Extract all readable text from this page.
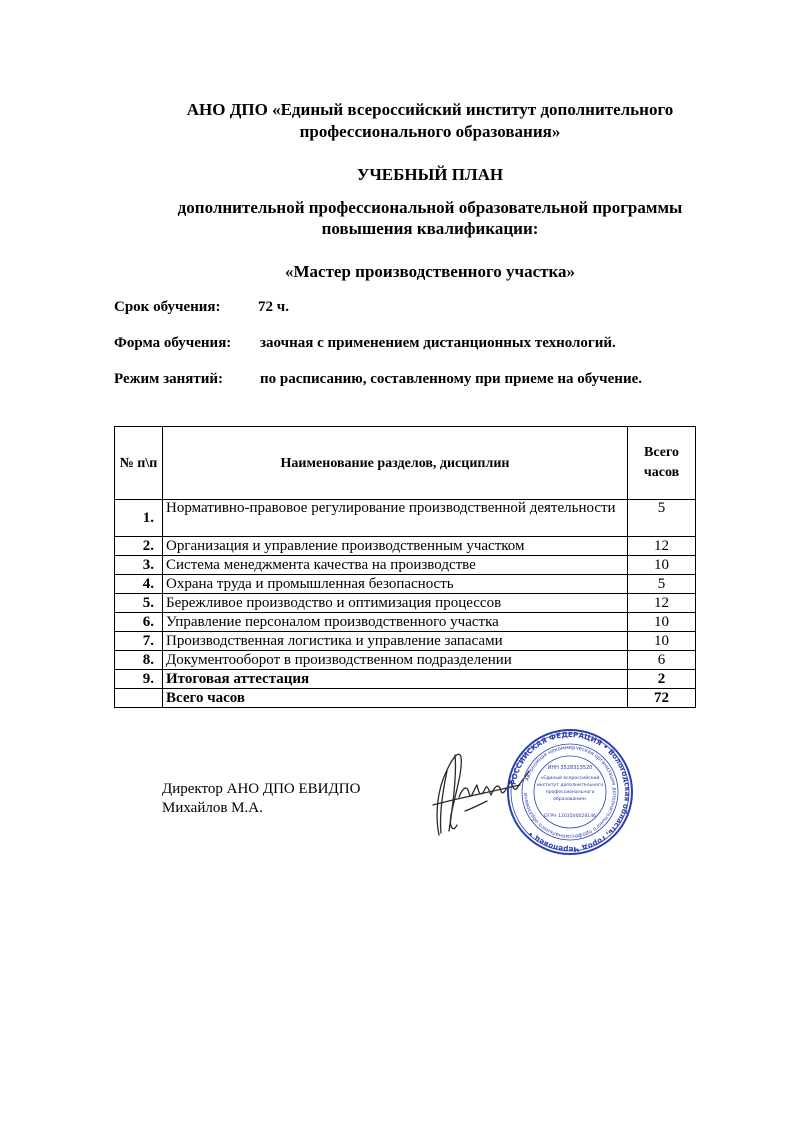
АНО ДПО «Единый всероссийский институт дополнительного
профессионального образования»
УЧЕБНЫЙ ПЛАН
дополнительной профессиональной образовательной программы
повышения квалификации:
«Мастер производственного участка»
Срок обучения: 72 ч.
Форма обучения: заочная с применением дистанционных технологий.
Режим занятий: по расписанию, составленному при приеме на обучение.
№ п\п	Наименование разделов, дисциплин	Всего
часов

1.	Нормативно-правовое регулирование производственной деятельности	5
2.	Организация и управление производственным участком	12
3.	Система менеджмента качества на производстве	10
4.	Охрана труда и промышленная безопасность	5
5.	Бережливое производство и оптимизация процессов	12
6.	Управление персоналом производственного участка	10
7.	Производственная логистика и управление запасами	10
8.	Документооборот в производственном подразделении	6
9.	Итоговая аттестация	2
	Всего часов	72
Директор АНО ДПО ЕВИДПО
Михайлов М.А.
РОССИЙСКАЯ ФЕДЕРАЦИЯ • Вологодская область, город Череповец •
Автономная некоммерческая организация дополнительного профессионального образовани
ИНН 3528313520
«Единый всероссийский
институт дополнительного
профессионального
образования»
ОГРН 1203500028146
